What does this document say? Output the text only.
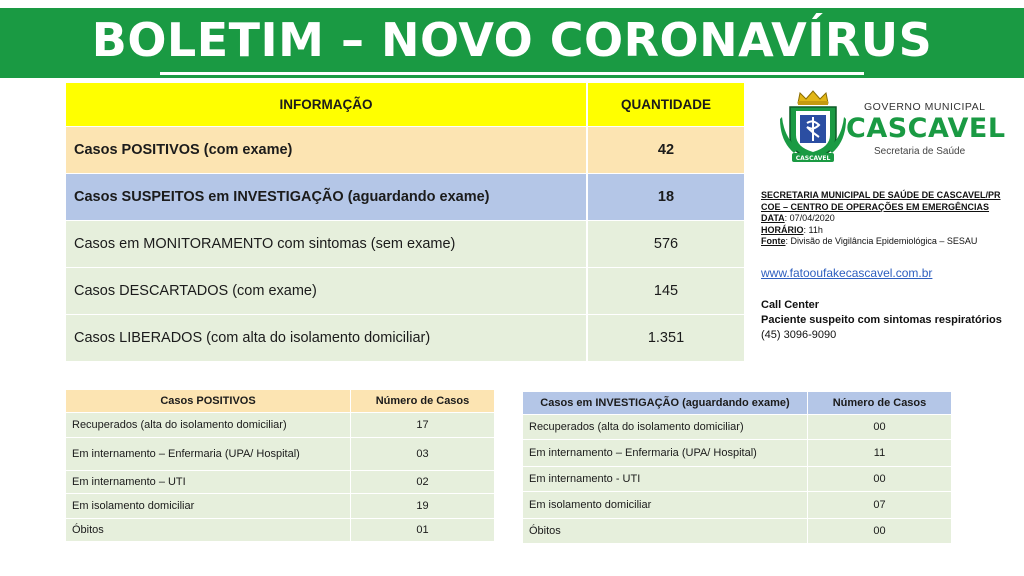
BOLETIM – NOVO CORONAVÍRUS
INFORMAÇÃO	QUANTIDADE
Casos POSITIVOS (com exame)	42
Casos SUSPEITOS em INVESTIGAÇÃO (aguardando exame)	18
Casos em MONITORAMENTO com sintomas (sem exame)	576
Casos DESCARTADOS (com exame)	145
Casos LIBERADOS (com alta do isolamento domiciliar)	1.351
CASCAVEL
GOVERNO MUNICIPAL
CASCAVEL
Secretaria de Saúde
SECRETARIA MUNICIPAL DE SAÚDE DE CASCAVEL/PR
COE – CENTRO DE OPERAÇÕES EM EMERGÊNCIAS
DATA: 07/04/2020
HORÁRIO: 11h
Fonte: Divisão de Vigilância Epidemiológica – SESAU
www.fatooufakecascavel.com.br
Call Center
Paciente suspeito com sintomas respiratórios
(45) 3096-9090
Casos POSITIVOS	Número de Casos
Recuperados (alta do isolamento domiciliar)	17
Em internamento – Enfermaria (UPA/ Hospital)	03
Em internamento – UTI	02
Em isolamento domiciliar	19
Óbitos	01
Casos em INVESTIGAÇÃO (aguardando exame)	Número de Casos
Recuperados (alta do isolamento domiciliar)	00
Em internamento – Enfermaria (UPA/ Hospital)	11
Em internamento - UTI	00
Em isolamento domiciliar	07
Óbitos	00
